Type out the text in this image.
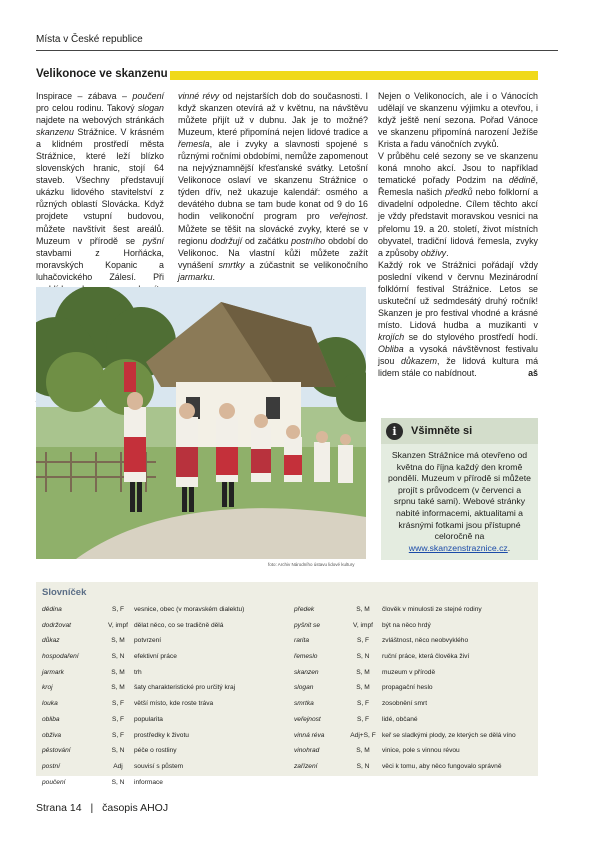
Místa v České republice
Velikonoce ve skanzenu

Inspirace – zábava – poučení pro celou rodinu. Takový slogan najdete na webových stránkách skanzenu Strážnice. V krásném a klidném prostředí města Strážnice, které leží blízko slovenských hranic, stojí 64 staveb. Všechny představují ukázku lidového stavitelství z různých oblastí Slovácka. Když projdete vstupní budovou, můžete navštívit šest areálů. Muzeum v přírodě se pyšní stavbami z Horňácka, moravských Kopanic a luhačovického Zálesí. Při

vinné révy od nejstarších dob do současnosti. I když skanzen otevírá až v květnu, na návštěvu můžete přijít už v dubnu. Jak je to možné? Muzeum, které připomíná nejen lidové tradice a řemesla, ale i zvyky a slavnosti spojené s různými ročními obdobími, nemůže zapomenout na nejvýznamnější křesťanské svátky. Letošní Velikonoce oslaví ve skanzenu Strážnice o týden dřív, než ukazuje kalendář: osmého a devátého dubna se tam bude konat od 9 do 16 hodin velikonoční program pro veřejnost. Můžete se těšit na slovácké zvyky, které se v regionu dodržují od začátku postního období do Velikonoc. Na vlastní kůži můžete zažít vynášení smrtky a zúčastnit se velikonočního jarmarku.

Nejen o Velikonocích, ale i o Vánocích udělají ve skanzenu výjimku a otevřou, i když ještě není sezona. Pořad Vánoce ve skanzenu připomíná narození Ježíše Krista a řadu vánočních zvyků.
V průběhu celé sezony se ve skanzenu koná mnoho akcí. Jsou to například tematické pořady Podzim na dědině, Řemesla našich předků nebo folklorní a divadelní odpoledne. Cílem těchto akcí je vždy představit moravskou vesnici na přelomu 19. a 20. století, život místních obyvatel, tradiční lidová řemesla, zvyky a způsoby obživy.
Každý rok ve Strážnici pořádají vždy poslední víkend v červnu Mezinárodní folklórní festival Strážnice. Letos se uskuteční už sedmdesátý druhý ročník! Skanzen je pro festival vhodné a krásné místo. Lidová hudba a muzikanti v krojích se do stylového prostředí hodí. Obliba a vysoká návštěvnost festivalu jsou důkazem, že lidová kultura má lidem stále co nabídnout.	aš
foto: Archiv Národního ústavu lidové kultury
i	Všimněte si
Skanzen Strážnice má otevřeno od května do října každý den kromě pondělí. Muzeum v přírodě si můžete projít s průvodcem (v červenci a srpnu také sami). Webové stránky nabité informacemi, aktualitami a krásnými fotkami jsou přístupné celoročně na www.skanzenstraznice.cz.
Slovníček
dědina	S, F	vesnice, obec (v moravském dialektu)
dodržovat	V, impf dělat něco, co se tradičně dělá
důkaz	S, M	potvrzení
hospodaření	S, N	efektivní práce
jarmark	S, M	trh
kroj	S, M	šaty charakteristické pro určitý kraj
louka	S, F	větší místo, kde roste tráva
obliba	S, F	popularita
obživa	S, F	prostředky k životu
pěstování	S, N	péče o rostliny
postní	Adj	souvisí s půstem
poučení	S, N	informace
předek	S, M	člověk v minulosti ze stejné rodiny
pyšnit se	V, impf	být na něco hrdý
rarita	S, F	zvláštnost, něco neobvyklého
řemeslo	S, N	ruční práce, která člověka živí
skanzen	S, M	muzeum v přírodě
slogan	S, M	propagační heslo
smrtka	S, F	zosobnění smrt
veřejnost	S, F	lidé, občané
vinná réva	Adj+S, F keř se sladkými plody, ze kterých se dělá víno
vinohrad	S, M	vinice, pole s vinnou révou
zařízení	S, N	věci k tomu, aby něco fungovalo správně
Strana 14 | časopis AHOJ
